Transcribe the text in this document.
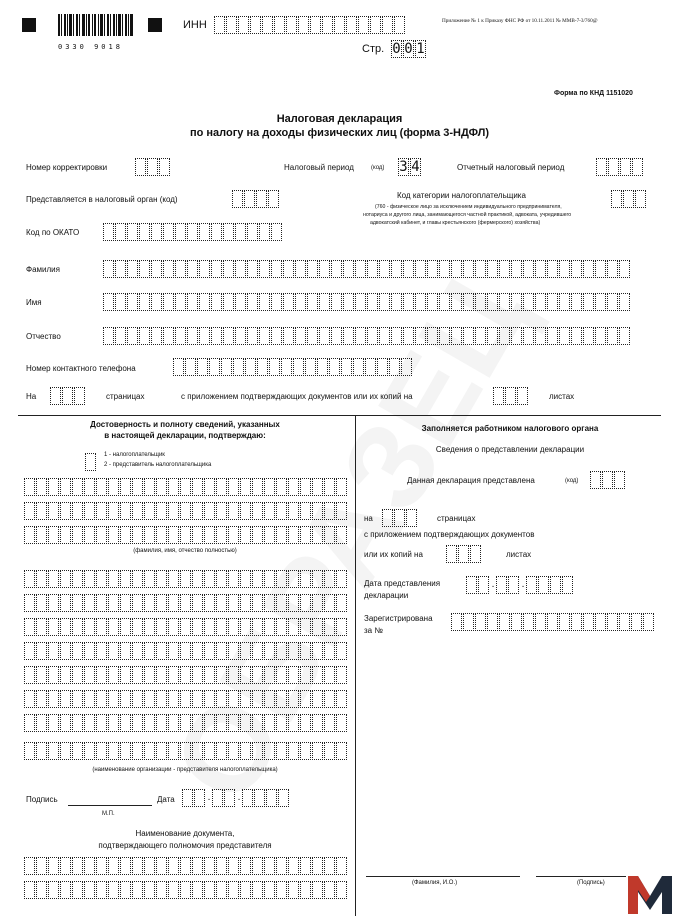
0330 9018
ИНН	Приложение № 1 к Приказу ФНС РФ от 10.11.2011 № ММВ-7-3/760@
Стр. 0 0 1
Форма по КНД 1151020
Налоговая декларация
по налогу на доходы физических лиц (форма 3-НДФЛ)
Номер корректировки	Налоговый период	(код) 3 4	Отчетный налоговый период
Представляется в налоговый орган (код)	Код категории налогоплательщика
(760 - физическое лицо за исключением индивидуального предпринимателя,
нотариуса и другого лица, занимающегося частной практикой, адвоката, учредившего
адвокатский кабинет, и главы крестьянского (фермерского) хозяйства)
Код по ОКАТО
Фамилия
Имя
Отчество
Номер контактного телефона
На	страницах	с приложением подтверждающих документов или их копий на	листах
Достоверность и полноту сведений, указанных
в настоящей декларации, подтверждаю:
1 - налогоплательщик
2 - представитель налогоплательщика
(фамилия, имя, отчество полностью)
(наименование организации - представителя налогоплательщика)
Подпись
М.П.
Дата	.	.
Наименование документа,
подтверждающего полномочия представителя
Заполняется работником налогового органа
Сведения о представлении декларации
Данная декларация представлена	(код)
на	страницах
с приложением подтверждающих документов
или их копий на	листах
Дата представления
декларации
.	.
Зарегистрирована
за №
(Фамилия, И.О.)	(Подпись)
